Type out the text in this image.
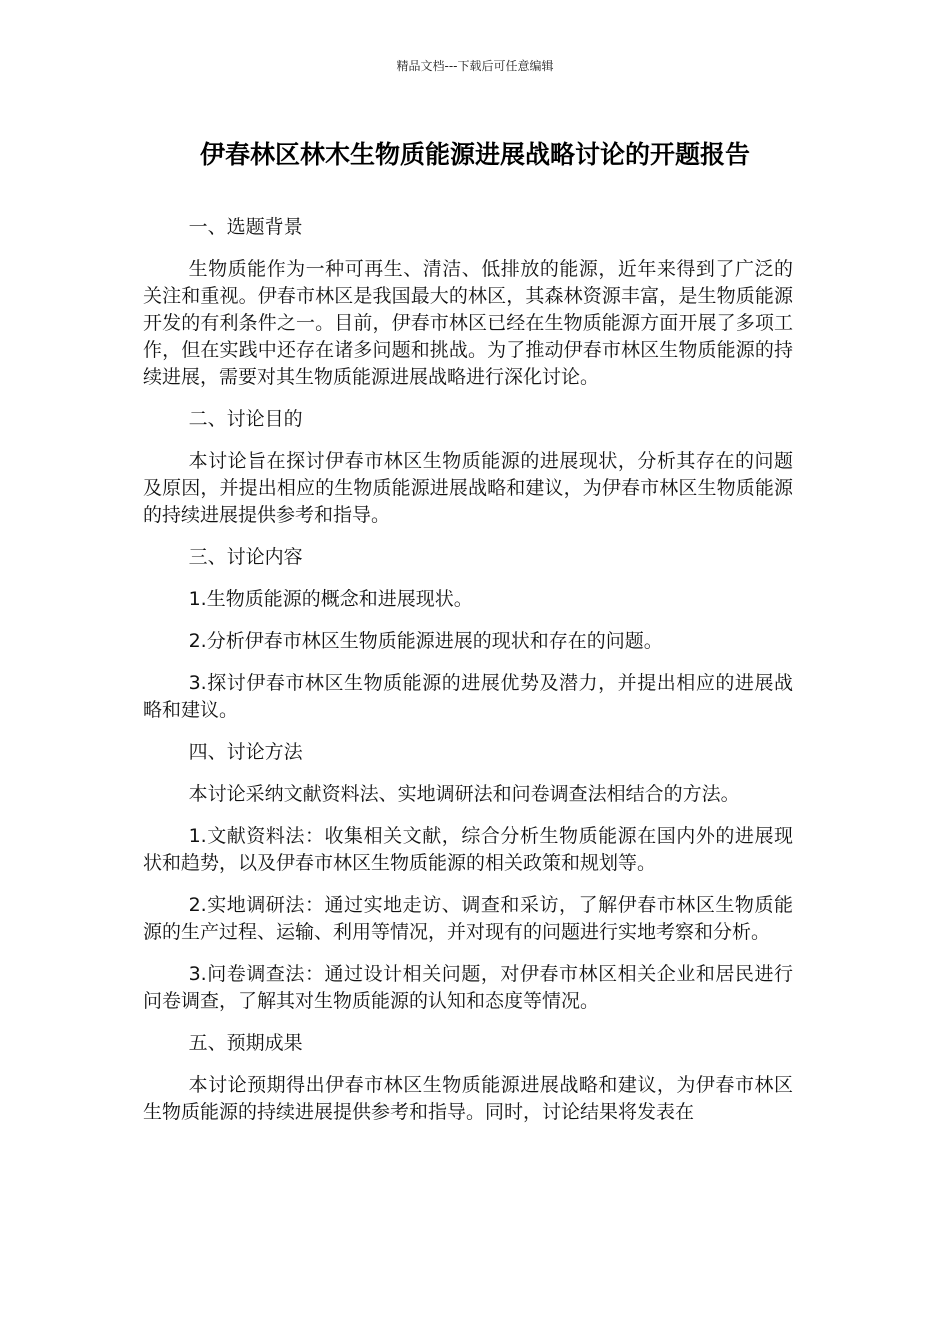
精品文档---下载后可任意编辑
伊春林区林木生物质能源进展战略讨论的开题报告

一、选题背景

生物质能作为一种可再生、清洁、低排放的能源，近年来得到了广泛的关注和重视。伊春市林区是我国最大的林区，其森林资源丰富，是生物质能源开发的有利条件之一。目前，伊春市林区已经在生物质能源方面开展了多项工作，但在实践中还存在诸多问题和挑战。为了推动伊春市林区生物质能源的持续进展，需要对其生物质能源进展战略进行深化讨论。

二、讨论目的

本讨论旨在探讨伊春市林区生物质能源的进展现状，分析其存在的问题及原因，并提出相应的生物质能源进展战略和建议，为伊春市林区生物质能源的持续进展提供参考和指导。

三、讨论内容

1.生物质能源的概念和进展现状。

2.分析伊春市林区生物质能源进展的现状和存在的问题。

3.探讨伊春市林区生物质能源的进展优势及潜力，并提出相应的进展战略和建议。

四、讨论方法

本讨论采纳文献资料法、实地调研法和问卷调查法相结合的方法。

1.文献资料法：收集相关文献，综合分析生物质能源在国内外的进展现状和趋势，以及伊春市林区生物质能源的相关政策和规划等。

2.实地调研法：通过实地走访、调查和采访，了解伊春市林区生物质能源的生产过程、运输、利用等情况，并对现有的问题进行实地考察和分析。

3.问卷调查法：通过设计相关问题，对伊春市林区相关企业和居民进行问卷调查，了解其对生物质能源的认知和态度等情况。

五、预期成果

本讨论预期得出伊春市林区生物质能源进展战略和建议，为伊春市林区生物质能源的持续进展提供参考和指导。同时，讨论结果将发表在
